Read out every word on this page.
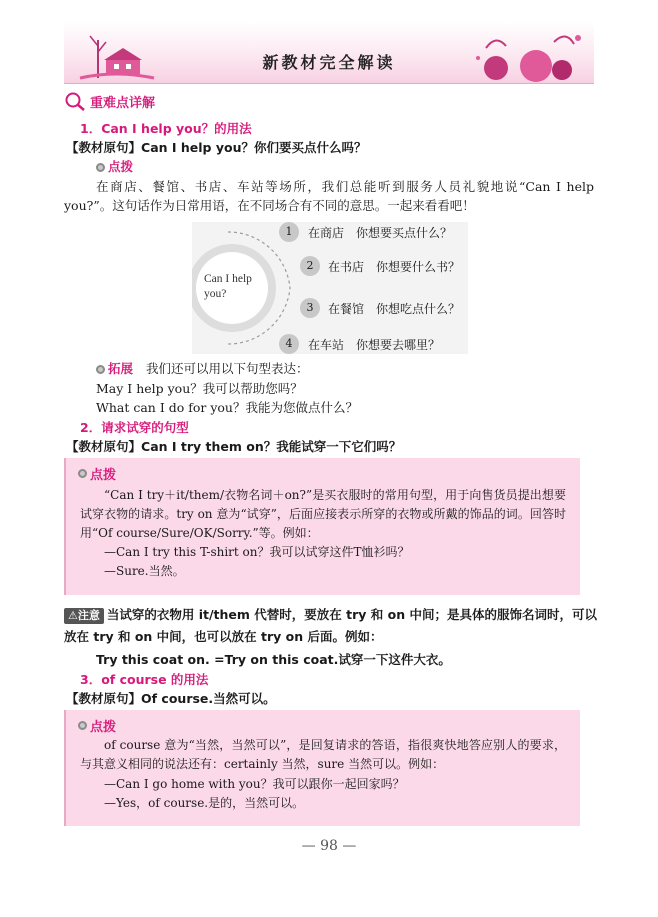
新教材完全解读
重难点详解
1．Can I help you？的用法
【教材原句】Can I help you？你们要买点什么吗？
点拨
在商店、餐馆、书店、车站等场所，我们总能听到服务人员礼貌地说“Can I help you?”。这句话作为日常用语，在不同场合有不同的意思。一起来看看吧！
Can I help you?
1
2
3
4
在商店　 你想要买点什么？
在书店　 你想要什么书？
在餐馆　 你想吃点什么？
在车站　 你想要去哪里？
拓展 我们还可以用以下句型表达：
May I help you？我可以帮助您吗？
What can I do for you？我能为您做点什么？
2．请求试穿的句型
【教材原句】Can I try them on？我能试穿一下它们吗？
点拨
“Can I try＋it/them/衣物名词＋on?”是买衣服时的常用句型，用于向售货员提出想要试穿衣物的请求。try on 意为“试穿”，后面应接表示所穿的衣物或所戴的饰品的词。回答时用“Of course/Sure/OK/Sorry.”等。例如：
—Can I try this T-shirt on？我可以试穿这件T恤衫吗？
—Sure.当然。
⚠注意 当试穿的衣物用 it/them 代替时，要放在 try 和 on 中间；是具体的服饰名词时，可以放在 try 和 on 中间，也可以放在 try on 后面。例如：
Try this coat on. =Try on this coat.试穿一下这件大衣。
3．of course 的用法
【教材原句】Of course.当然可以。
点拨
of course 意为“当然，当然可以”，是回复请求的答语，指很爽快地答应别人的要求，与其意义相同的说法还有：certainly 当然，sure 当然可以。例如：
—Can I go home with you？我可以跟你一起回家吗？
—Yes，of course.是的，当然可以。
— 98 —
